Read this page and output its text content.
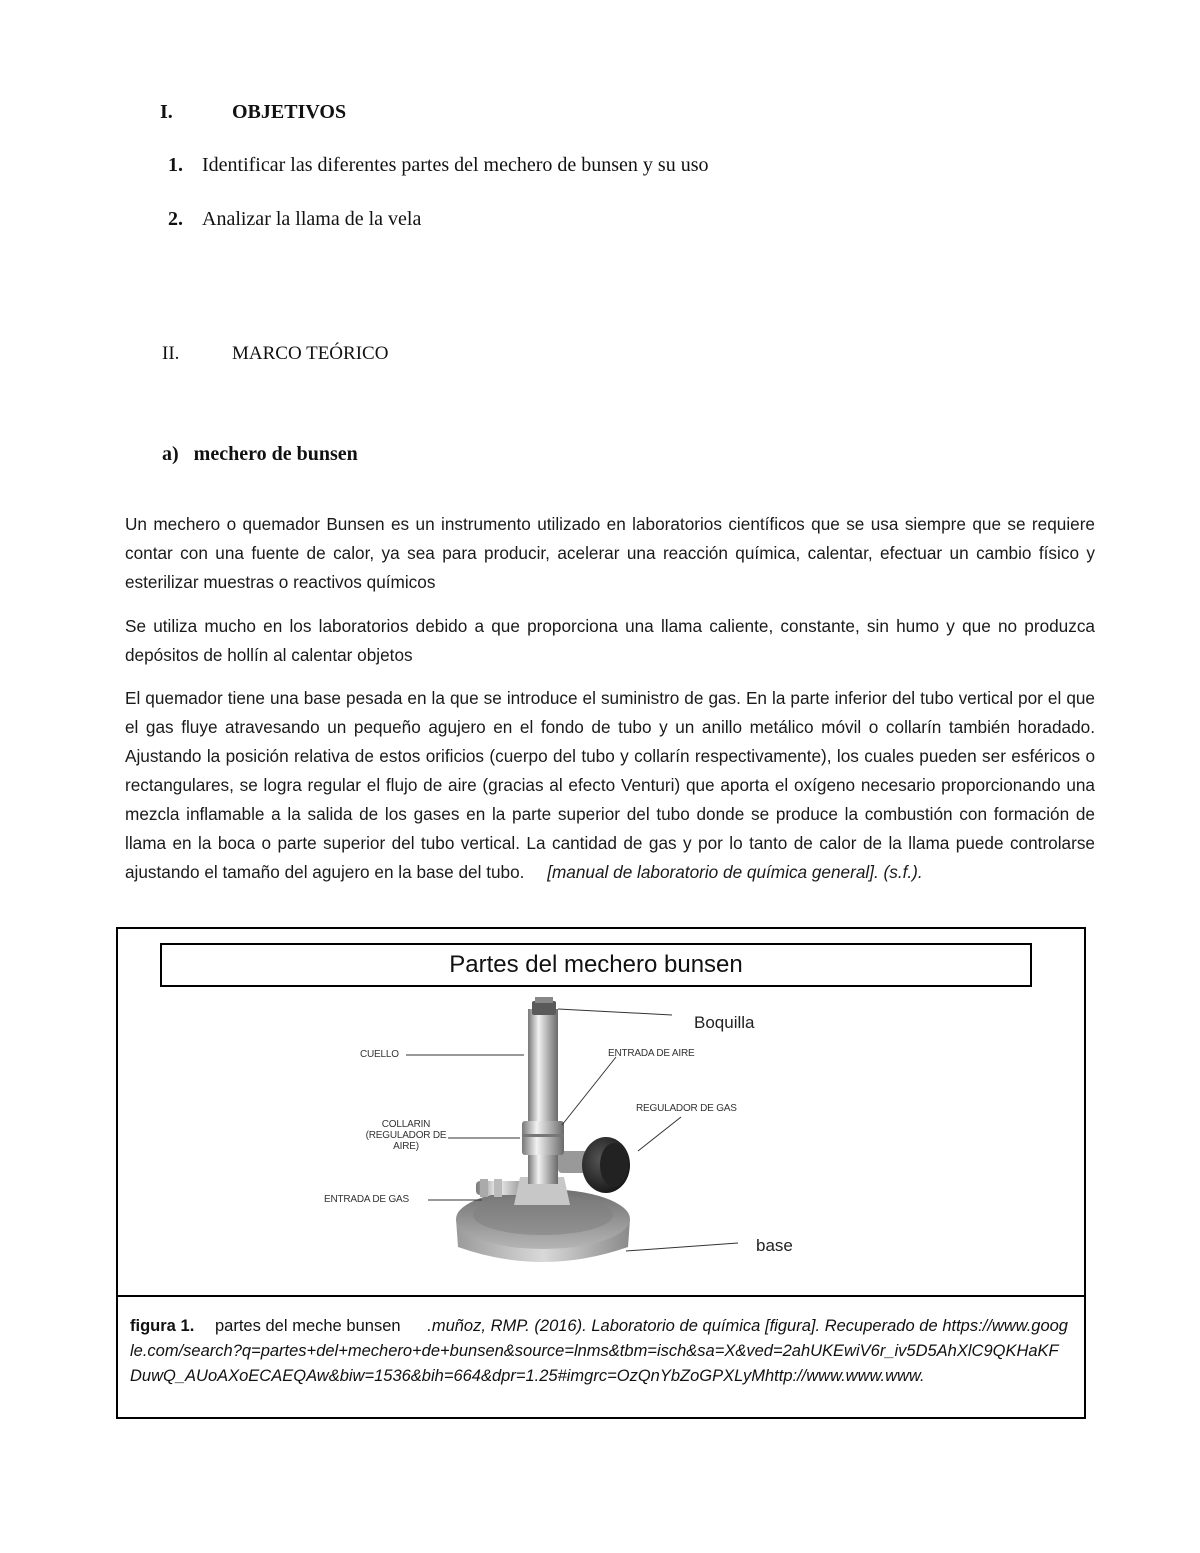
I.	OBJETIVOS
1. Identificar las diferentes partes del mechero de bunsen y su uso
2. Analizar la llama de la vela
II.	MARCO TEÓRICO
a) mechero de bunsen
Un mechero o quemador Bunsen es un instrumento utilizado en laboratorios científicos que se usa siempre que se requiere contar con una fuente de calor, ya sea para producir, acelerar una reacción química, calentar, efectuar un cambio físico y esterilizar muestras o reactivos químicos
Se utiliza mucho en los laboratorios debido a que proporciona una llama caliente, constante, sin humo y que no produzca depósitos de hollín al calentar objetos
El quemador tiene una base pesada en la que se introduce el suministro de gas. En la parte inferior del tubo vertical por el que el gas fluye atravesando un pequeño agujero en el fondo de tubo y un anillo metálico móvil o collarín también horadado. Ajustando la posición relativa de estos orificios (cuerpo del tubo y collarín respectivamente), los cuales pueden ser esféricos o rectangulares, se logra regular el flujo de aire (gracias al efecto Venturi) que aporta el oxígeno necesario proporcionando una mezcla inflamable a la salida de los gases en la parte superior del tubo donde se produce la combustión con formación de llama en la boca o parte superior del tubo vertical. La cantidad de gas y por lo tanto de calor de la llama puede controlarse ajustando el tamaño del agujero en la base del tubo. [manual de laboratorio de química general]. (s.f.).
Partes del mechero bunsen
CUELLO
COLLARIN
(REGULADOR DE AIRE)
ENTRADA DE GAS
ENTRADA DE AIRE
REGULADOR DE GAS
Boquilla
base
figura 1. partes del meche bunsen .muñoz, RMP. (2016). Laboratorio de química [figura]. Recuperado de https://www.google.com/search?q=partes+del+mechero+de+bunsen&source=lnms&tbm=isch&sa=X&ved=2ahUKEwiV6r_iv5D5AhXlC9QKHaKFDuwQ_AUoAXoECAEQAw&biw=1536&bih=664&dpr=1.25#imgrc=OzQnYbZoGPXLyMhttp://www.www.www.
